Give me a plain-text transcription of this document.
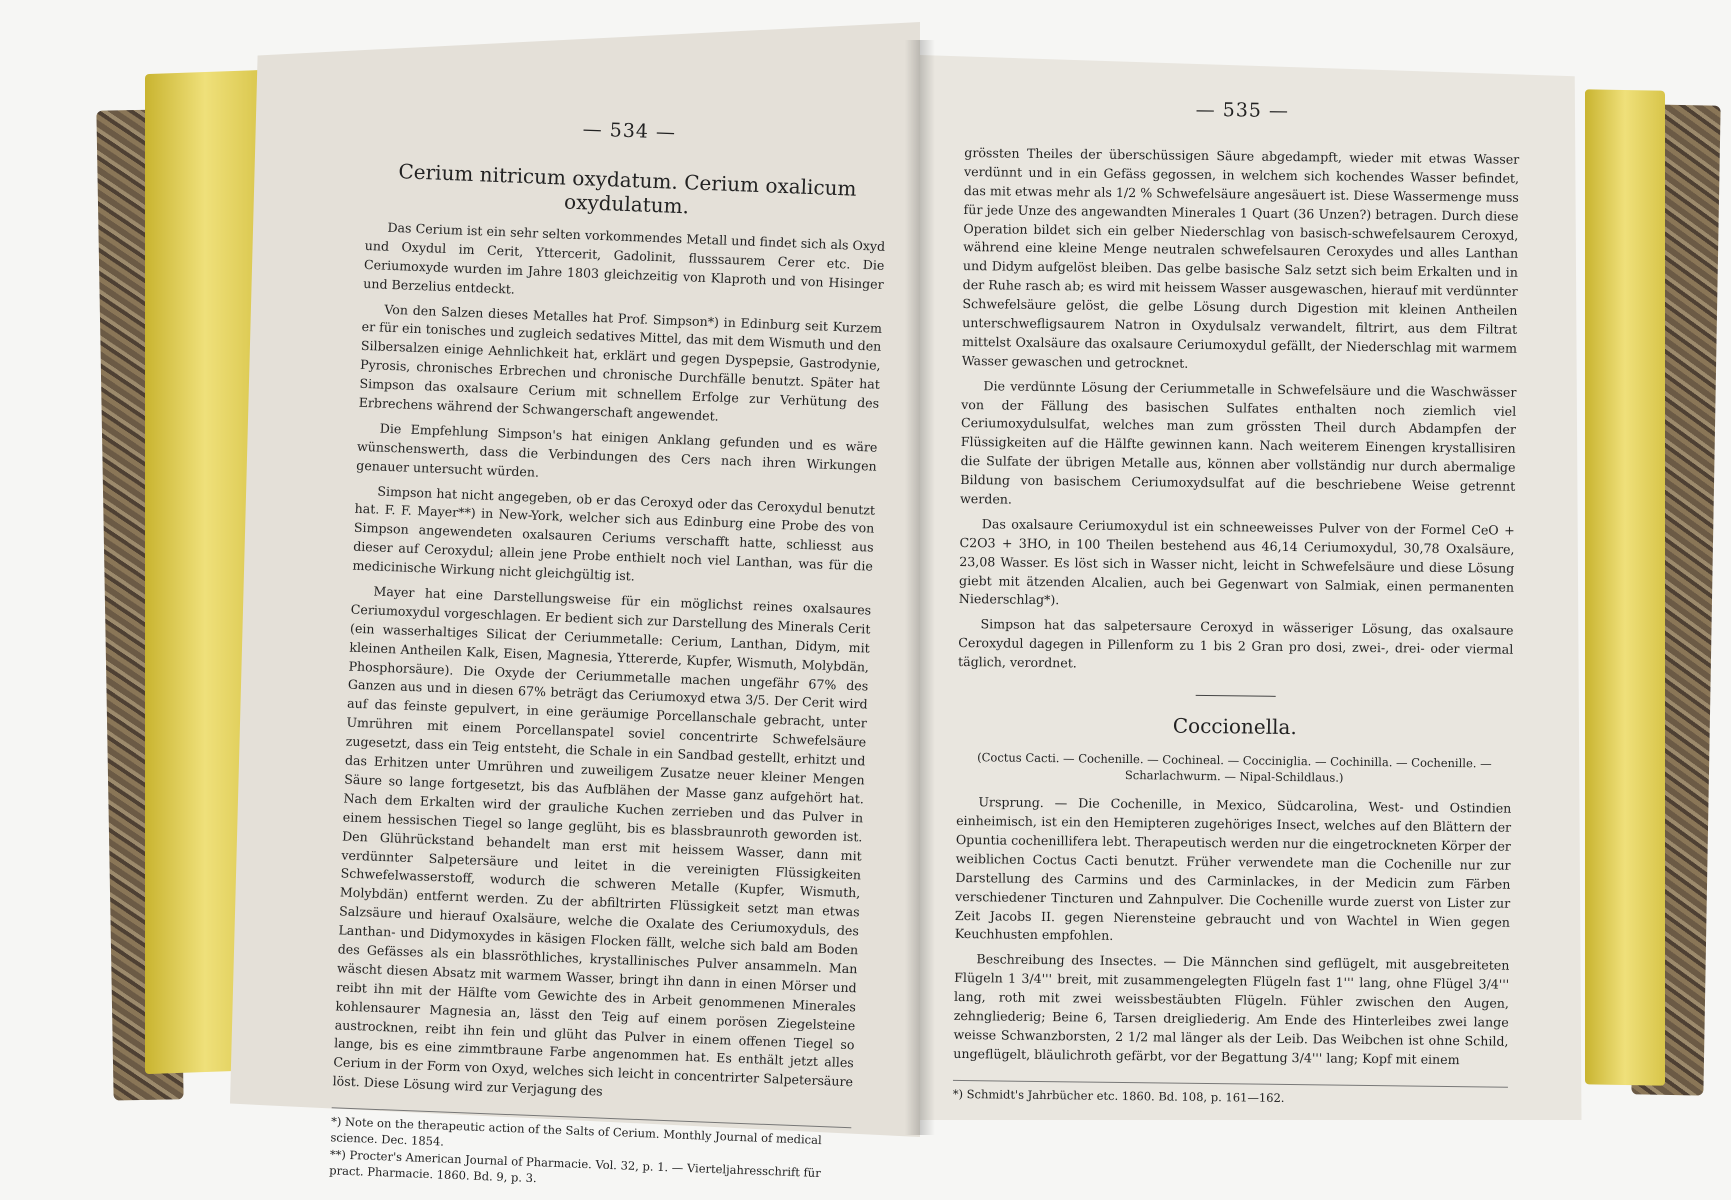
— 534 —
Cerium nitricum oxydatum. Cerium oxalicum oxydulatum.

Das Cerium ist ein sehr selten vorkommendes Metall und findet sich als Oxyd und Oxydul im Cerit, Yttercerit, Gadolinit, flusssaurem Cerer etc. Die Ceriumoxyde wurden im Jahre 1803 gleichzeitig von Klaproth und von Hisinger und Berzelius entdeckt.

Von den Salzen dieses Metalles hat Prof. Simpson*) in Edinburg seit Kurzem er für ein tonisches und zugleich sedatives Mittel, das mit dem Wismuth und den Silbersalzen einige Aehnlichkeit hat, erklärt und gegen Dyspepsie, Gastrodynie, Pyrosis, chronisches Erbrechen und chronische Durchfälle benutzt. Später hat Simpson das oxalsaure Cerium mit schnellem Erfolge zur Verhütung des Erbrechens während der Schwangerschaft angewendet.

Die Empfehlung Simpson's hat einigen Anklang gefunden und es wäre wünschenswerth, dass die Verbindungen des Cers nach ihren Wirkungen genauer untersucht würden.

Simpson hat nicht angegeben, ob er das Ceroxyd oder das Ceroxydul benutzt hat. F. F. Mayer**) in New-York, welcher sich aus Edinburg eine Probe des von Simpson angewendeten oxalsauren Ceriums verschafft hatte, schliesst aus dieser auf Ceroxydul; allein jene Probe enthielt noch viel Lanthan, was für die medicinische Wirkung nicht gleichgültig ist.

Mayer hat eine Darstellungsweise für ein möglichst reines oxalsaures Ceriumoxydul vorgeschlagen. Er bedient sich zur Darstellung des Minerals Cerit (ein wasserhaltiges Silicat der Ceriummetalle: Cerium, Lanthan, Didym, mit kleinen Antheilen Kalk, Eisen, Magnesia, Yttererde, Kupfer, Wismuth, Molybdän, Phosphorsäure). Die Oxyde der Ceriummetalle machen ungefähr 67% des Ganzen aus und in diesen 67% beträgt das Ceriumoxyd etwa 3/5. Der Cerit wird auf das feinste gepulvert, in eine geräumige Porcellanschale gebracht, unter Umrühren mit einem Porcellanspatel soviel concentrirte Schwefelsäure zugesetzt, dass ein Teig entsteht, die Schale in ein Sandbad gestellt, erhitzt und das Erhitzen unter Umrühren und zuweiligem Zusatze neuer kleiner Mengen Säure so lange fortgesetzt, bis das Aufblähen der Masse ganz aufgehört hat. Nach dem Erkalten wird der grauliche Kuchen zerrieben und das Pulver in einem hessischen Tiegel so lange geglüht, bis es blassbraunroth geworden ist. Den Glührückstand behandelt man erst mit heissem Wasser, dann mit verdünnter Salpetersäure und leitet in die vereinigten Flüssigkeiten Schwefelwasserstoff, wodurch die schweren Metalle (Kupfer, Wismuth, Molybdän) entfernt werden. Zu der abfiltrirten Flüssigkeit setzt man etwas Salzsäure und hierauf Oxalsäure, welche die Oxalate des Ceriumoxyduls, des Lanthan- und Didymoxydes in käsigen Flocken fällt, welche sich bald am Boden des Gefässes als ein blassröthliches, krystallinisches Pulver ansammeln. Man wäscht diesen Absatz mit warmem Wasser, bringt ihn dann in einen Mörser und reibt ihn mit der Hälfte vom Gewichte des in Arbeit genommenen Minerales kohlensaurer Magnesia an, lässt den Teig auf einem porösen Ziegelsteine austrocknen, reibt ihn fein und glüht das Pulver in einem offenen Tiegel so lange, bis es eine zimmtbraune Farbe angenommen hat. Es enthält jetzt alles Cerium in der Form von Oxyd, welches sich leicht in concentrirter Salpetersäure löst. Diese Lösung wird zur Verjagung des

*) Note on the therapeutic action of the Salts of Cerium. Monthly Journal of medical science. Dec. 1854.
**) Procter's American Journal of Pharmacie. Vol. 32, p. 1. — Vierteljahresschrift für pract. Pharmacie. 1860. Bd. 9, p. 3.
— 535 —

grössten Theiles der überschüssigen Säure abgedampft, wieder mit etwas Wasser verdünnt und in ein Gefäss gegossen, in welchem sich kochendes Wasser befindet, das mit etwas mehr als 1/2 % Schwefelsäure angesäuert ist. Diese Wassermenge muss für jede Unze des angewandten Minerales 1 Quart (36 Unzen?) betragen. Durch diese Operation bildet sich ein gelber Niederschlag von basisch-schwefelsaurem Ceroxyd, während eine kleine Menge neutralen schwefelsauren Ceroxydes und alles Lanthan und Didym aufgelöst bleiben. Das gelbe basische Salz setzt sich beim Erkalten und in der Ruhe rasch ab; es wird mit heissem Wasser ausgewaschen, hierauf mit verdünnter Schwefelsäure gelöst, die gelbe Lösung durch Digestion mit kleinen Antheilen unterschwefligsaurem Natron in Oxydulsalz verwandelt, filtrirt, aus dem Filtrat mittelst Oxalsäure das oxalsaure Ceriumoxydul gefällt, der Niederschlag mit warmem Wasser gewaschen und getrocknet.

Die verdünnte Lösung der Ceriummetalle in Schwefelsäure und die Waschwässer von der Fällung des basischen Sulfates enthalten noch ziemlich viel Ceriumoxydulsulfat, welches man zum grössten Theil durch Abdampfen der Flüssigkeiten auf die Hälfte gewinnen kann. Nach weiterem Einengen krystallisiren die Sulfate der übrigen Metalle aus, können aber vollständig nur durch abermalige Bildung von basischem Ceriumoxydsulfat auf die beschriebene Weise getrennt werden.

Das oxalsaure Ceriumoxydul ist ein schneeweisses Pulver von der Formel CeO + C2O3 + 3HO, in 100 Theilen bestehend aus 46,14 Ceriumoxydul, 30,78 Oxalsäure, 23,08 Wasser. Es löst sich in Wasser nicht, leicht in Schwefelsäure und diese Lösung giebt mit ätzenden Alcalien, auch bei Gegenwart von Salmiak, einen permanenten Niederschlag*).

Simpson hat das salpetersaure Ceroxyd in wässeriger Lösung, das oxalsaure Ceroxydul dagegen in Pillenform zu 1 bis 2 Gran pro dosi, zwei-, drei- oder viermal täglich, verordnet.

Coccionella.
(Coctus Cacti. — Cochenille. — Cochineal. — Cocciniglia. — Cochinilla. — Cochenille. — Scharlachwurm. — Nipal-Schildlaus.)

Ursprung. — Die Cochenille, in Mexico, Südcarolina, West- und Ostindien einheimisch, ist ein den Hemipteren zugehöriges Insect, welches auf den Blättern der Opuntia cochenillifera lebt. Therapeutisch werden nur die eingetrockneten Körper der weiblichen Coctus Cacti benutzt. Früher verwendete man die Cochenille nur zur Darstellung des Carmins und des Carminlackes, in der Medicin zum Färben verschiedener Tincturen und Zahnpulver. Die Cochenille wurde zuerst von Lister zur Zeit Jacobs II. gegen Nierensteine gebraucht und von Wachtel in Wien gegen Keuchhusten empfohlen.

Beschreibung des Insectes. — Die Männchen sind geflügelt, mit ausgebreiteten Flügeln 1 3/4''' breit, mit zusammengelegten Flügeln fast 1''' lang, ohne Flügel 3/4''' lang, roth mit zwei weissbestäubten Flügeln. Fühler zwischen den Augen, zehngliederig; Beine 6, Tarsen dreigliederig. Am Ende des Hinterleibes zwei lange weisse Schwanzborsten, 2 1/2 mal länger als der Leib. Das Weibchen ist ohne Schild, ungeflügelt, bläulichroth gefärbt, vor der Begattung 3/4''' lang; Kopf mit einem

*) Schmidt's Jahrbücher etc. 1860. Bd. 108, p. 161—162.
